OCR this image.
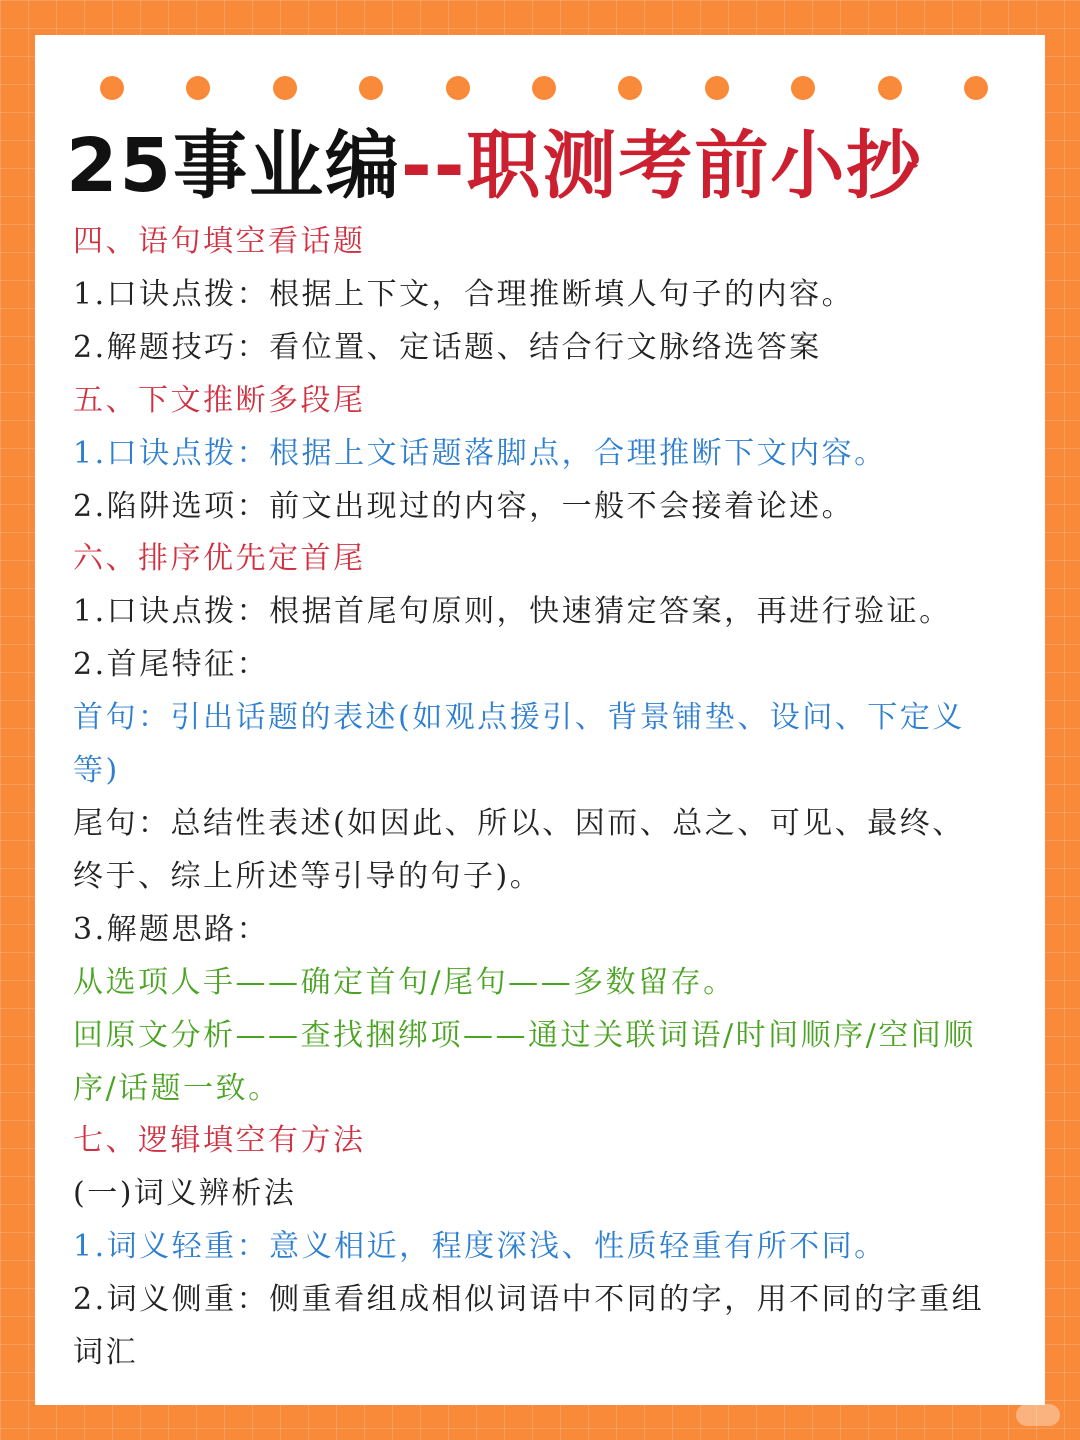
25事业编--职测考前小抄

四、语句填空看话题

1.口诀点拨：根据上下文，合理推断填人句子的内容。

2.解题技巧：看位置、定话题、结合行文脉络选答案

五、下文推断多段尾

1.口诀点拨：根据上文话题落脚点，合理推断下文内容。

2.陷阱选项：前文出现过的内容，一般不会接着论述。

六、排序优先定首尾

1.口诀点拨：根据首尾句原则，快速猜定答案，再进行验证。

2.首尾特征：

首句：引出话题的表述(如观点援引、背景铺垫、设问、下定义

等)

尾句：总结性表述(如因此、所以、因而、总之、可见、最终、

终于、综上所述等引导的句子)。

3.解题思路：

从选项人手——确定首句/尾句——多数留存。

回原文分析——查找捆绑项——通过关联词语/时间顺序/空间顺

序/话题一致。

七、逻辑填空有方法

(一)词义辨析法

1.词义轻重：意义相近，程度深浅、性质轻重有所不同。

2.词义侧重：侧重看组成相似词语中不同的字，用不同的字重组

词汇
